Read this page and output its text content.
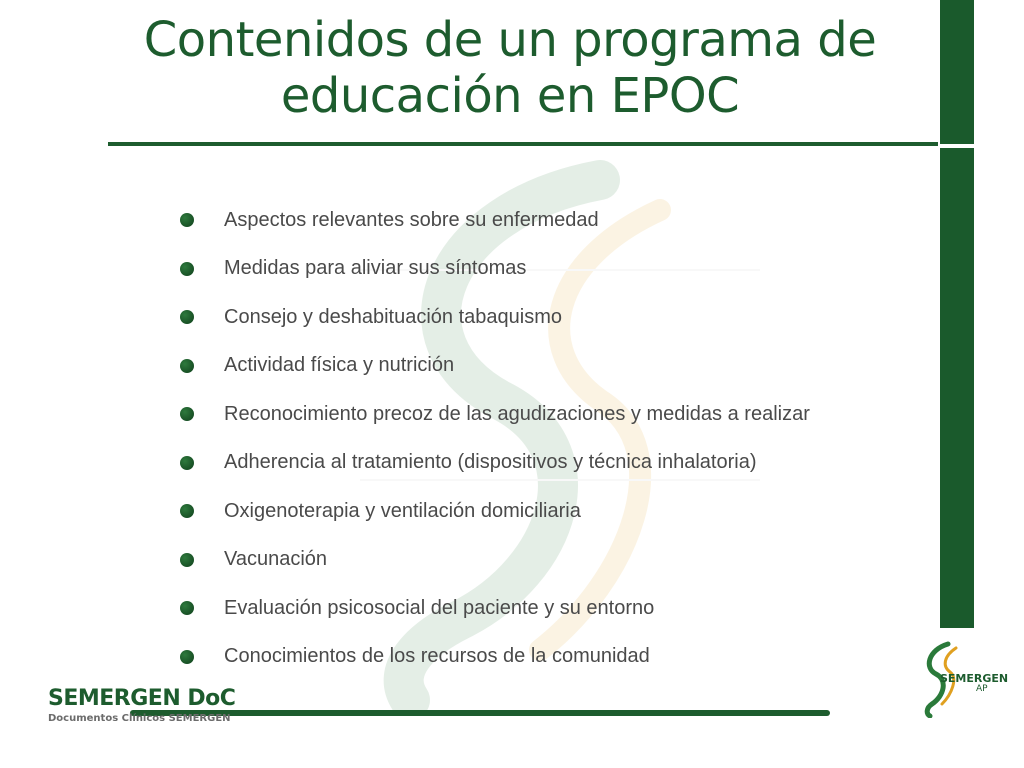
Contenidos de un programa de
educación en EPOC
Aspectos relevantes sobre su enfermedad
Medidas para aliviar sus síntomas
Consejo y deshabituación tabaquismo
Actividad física y nutrición
Reconocimiento precoz de las agudizaciones y medidas a realizar
Adherencia al tratamiento (dispositivos y técnica inhalatoria)
Oxigenoterapia y ventilación domiciliaria
Vacunación
Evaluación psicosocial del paciente y su entorno
Conocimientos de los recursos de la comunidad
SEMERGEN DoC
Documentos Clínicos SEMERGEN
SEMERGEN
AP
